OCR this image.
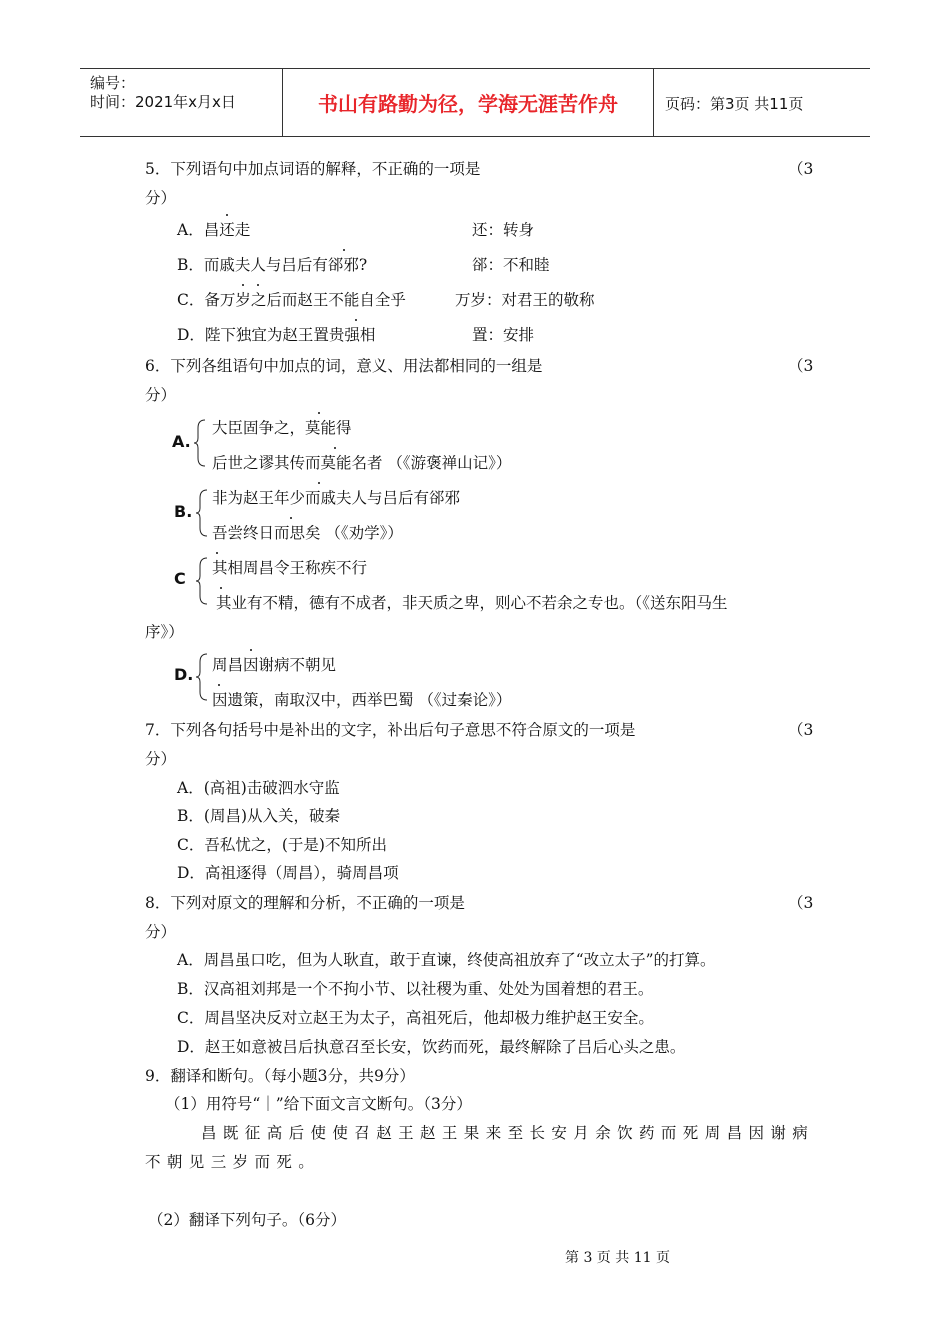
编号：
时间：2021年x月x日	书山有路勤为径，学海无涯苦作舟	页码：第3页 共11页
5．下列语句中加点词语的解释，不正确的一项是	（3
分）
A．昌还走	还：转身
B．而戚夫人与吕后有郤邪?	郤：不和睦
C．备万岁之后而赵王不能自全乎	万岁：对君王的敬称
D．陛下独宜为赵王置贵强相	置：安排
6．下列各组语句中加点的词，意义、用法都相同的一组是	（3
分）
A.
大臣固争之，莫能得
后世之谬其传而莫能名者 （《游褒禅山记》）
B.
非为赵王年少而戚夫人与吕后有郤邪
吾尝终日而思矣 （《劝学》）
C
其相周昌令王称疾不行
其业有不精，德有不成者，非天质之卑，则心不若余之专也。（《送东阳马生
序》）
D. 周昌因谢病不朝见
因遗策，南取汉中，西举巴蜀 （《过秦论》）
7．下列各句括号中是补出的文字，补出后句子意思不符合原文的一项是	（3
分）
A．(高祖)击破泗水守监
B．(周昌)从入关，破秦
C．吾私忧之，(于是)不知所出
D．高祖逐得（周昌），骑周昌项
8．下列对原文的理解和分析，不正确的一项是	（3
分）
A．周昌虽口吃，但为人耿直，敢于直谏，终使高祖放弃了“改立太子”的打算。
B．汉高祖刘邦是一个不拘小节、以社稷为重、处处为国着想的君王。
C．周昌坚决反对立赵王为太子，高祖死后，他却极力维护赵王安全。
D．赵王如意被吕后执意召至长安，饮药而死，最终解除了吕后心头之患。
9．翻译和断句。（每小题3分，共9分）
（1）用符号“｜”给下面文言文断句。（3分）
昌既征高后使使召赵王赵王果来至长安月余饮药而死周昌因谢病
不朝见三岁而死。
（2）翻译下列句子。（6分）
第 3 页 共 11 页
